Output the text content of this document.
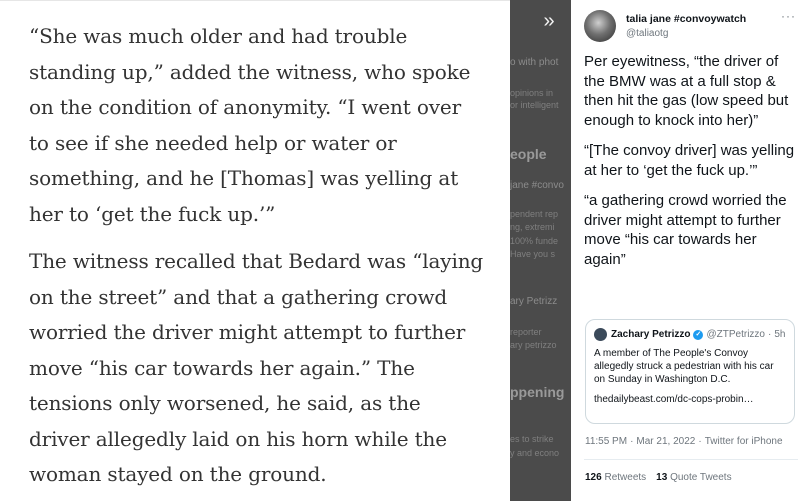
“She was much older and had trouble standing up,” added the witness, who spoke on the condition of anonymity. “I went over to see if she needed help or water or something, and he [Thomas] was yelling at her to ‘get the fuck up.’”

The witness recalled that Bedard was “laying on the street” and that a gathering crowd worried the driver might attempt to further move “his car towards her again.” The tensions only worsened, he said, as the driver allegedly laid on his horn while the woman stayed on the ground.

»
o with phot
opinions in
or intelligent
eople
jane #convo
pendent rep
ng, extremi
100% funde
Have you s
ary Petrizz
reporter
ary petrizzo
ppening
es to strike
y and econo
talia jane #convoywatch
@taliaotg
···
Per eyewitness, “the driver of the BMW was at a full stop & then hit the gas (low speed but enough to knock into her)”
“[The convoy driver] was yelling at her to ‘get the fuck up.’”
“a gathering crowd worried the driver might attempt to further move “his car towards her again”
Zachary Petrizzo ✓ @ZTPetrizzo · 5h
A member of The People's Convoy allegedly struck a pedestrian with his car on Sunday in Washington D.C.
thedailybeast.com/dc-cops-probin…
11:55 PM · Mar 21, 2022 · Twitter for iPhone
126 Retweets 13 Quote Tweets
